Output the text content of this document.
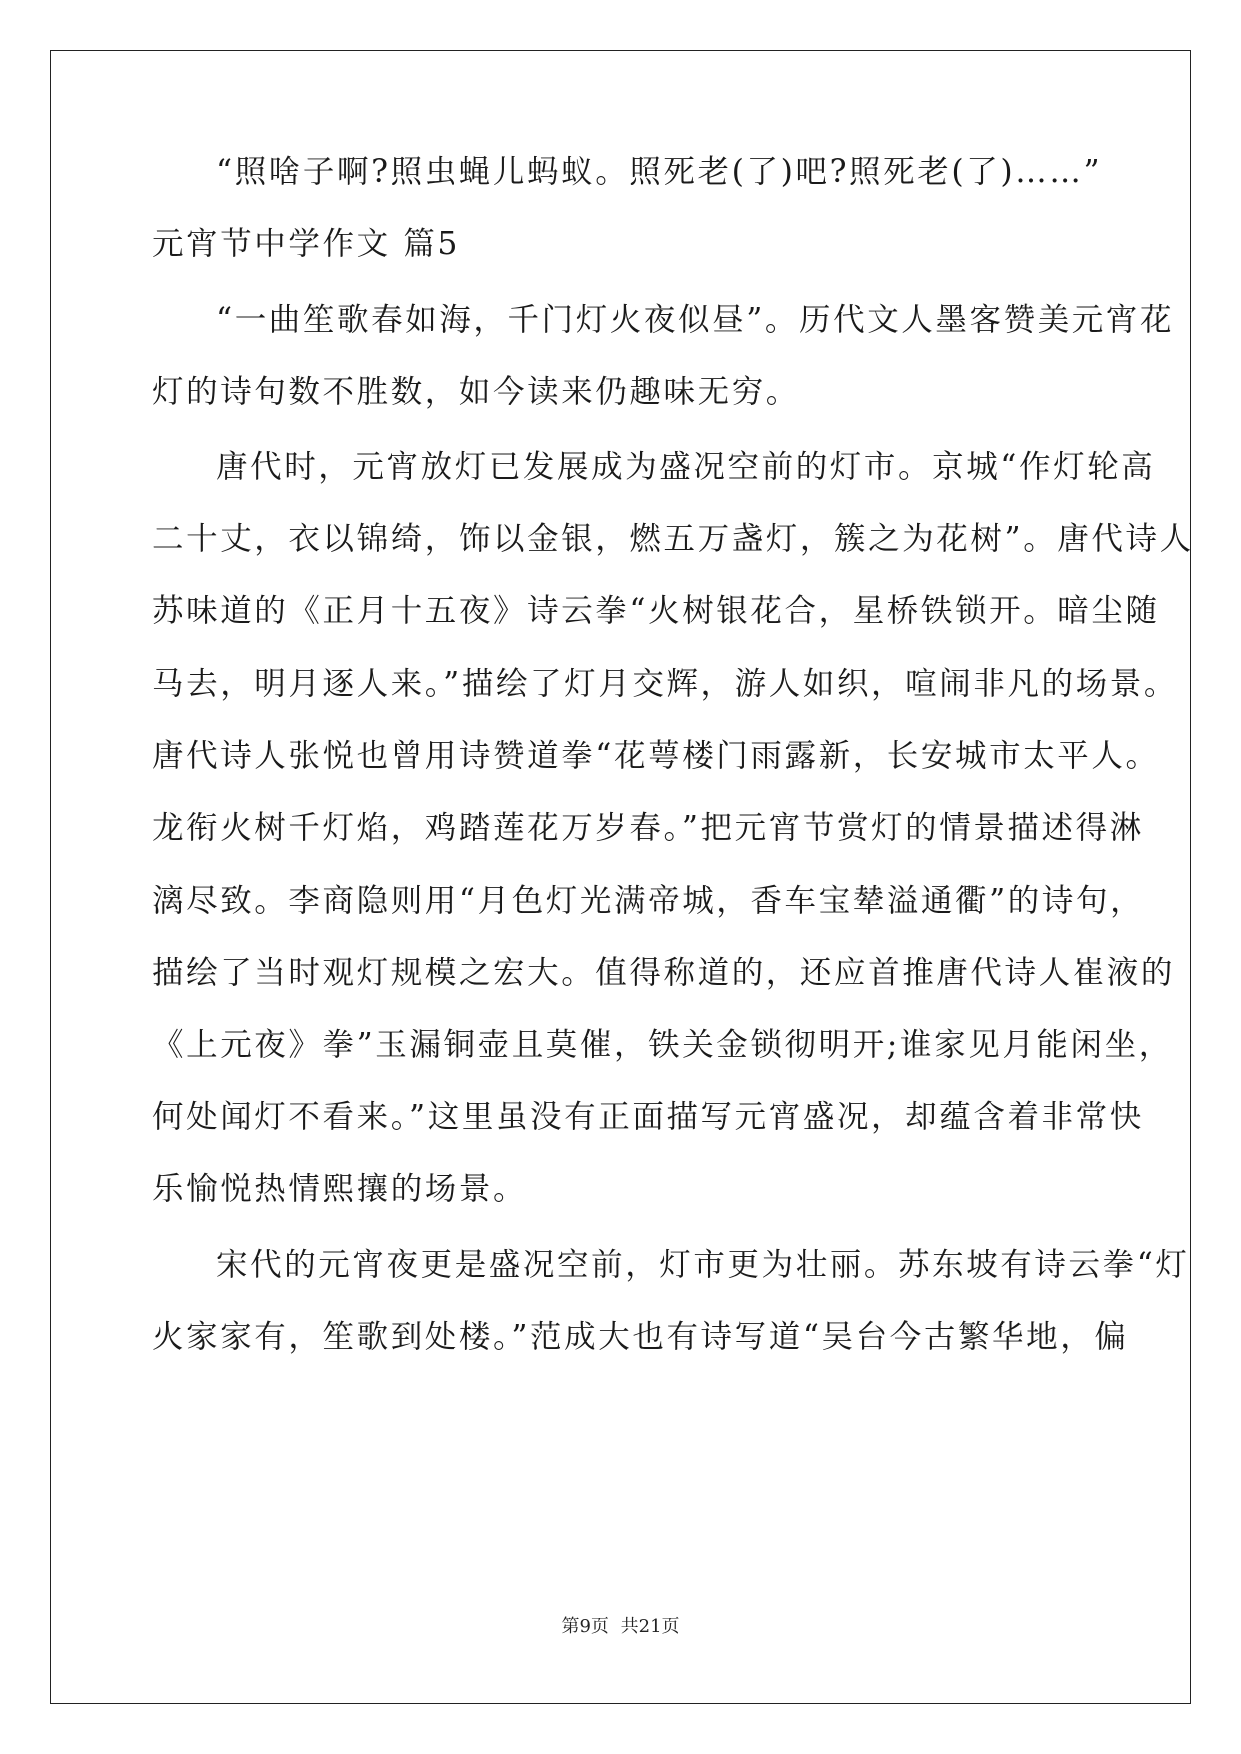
“照啥子啊?照虫蝇儿蚂蚁。照死老(了)吧?照死老(了)……”
元宵节中学作文 篇5
“一曲笙歌春如海，千门灯火夜似昼”。历代文人墨客赞美元宵花
灯的诗句数不胜数，如今读来仍趣味无穷。
唐代时，元宵放灯已发展成为盛况空前的灯市。京城“作灯轮高
二十丈，衣以锦绮，饰以金银，燃五万盏灯，簇之为花树”。唐代诗人
苏味道的《正月十五夜》诗云拳“火树银花合，星桥铁锁开。暗尘随
马去，明月逐人来。”描绘了灯月交辉，游人如织，喧闹非凡的场景。
唐代诗人张悦也曾用诗赞道拳“花萼楼门雨露新，长安城市太平人。
龙衔火树千灯焰，鸡踏莲花万岁春。”把元宵节赏灯的情景描述得淋
漓尽致。李商隐则用“月色灯光满帝城，香车宝辇溢通衢”的诗句，
描绘了当时观灯规模之宏大。值得称道的，还应首推唐代诗人崔液的
《上元夜》拳”玉漏铜壶且莫催，铁关金锁彻明开;谁家见月能闲坐，
何处闻灯不看来。”这里虽没有正面描写元宵盛况，却蕴含着非常快
乐愉悦热情熙攘的场景。
宋代的元宵夜更是盛况空前，灯市更为壮丽。苏东坡有诗云拳“灯
火家家有，笙歌到处楼。”范成大也有诗写道“吴台今古繁华地，偏
第9页 共21页
